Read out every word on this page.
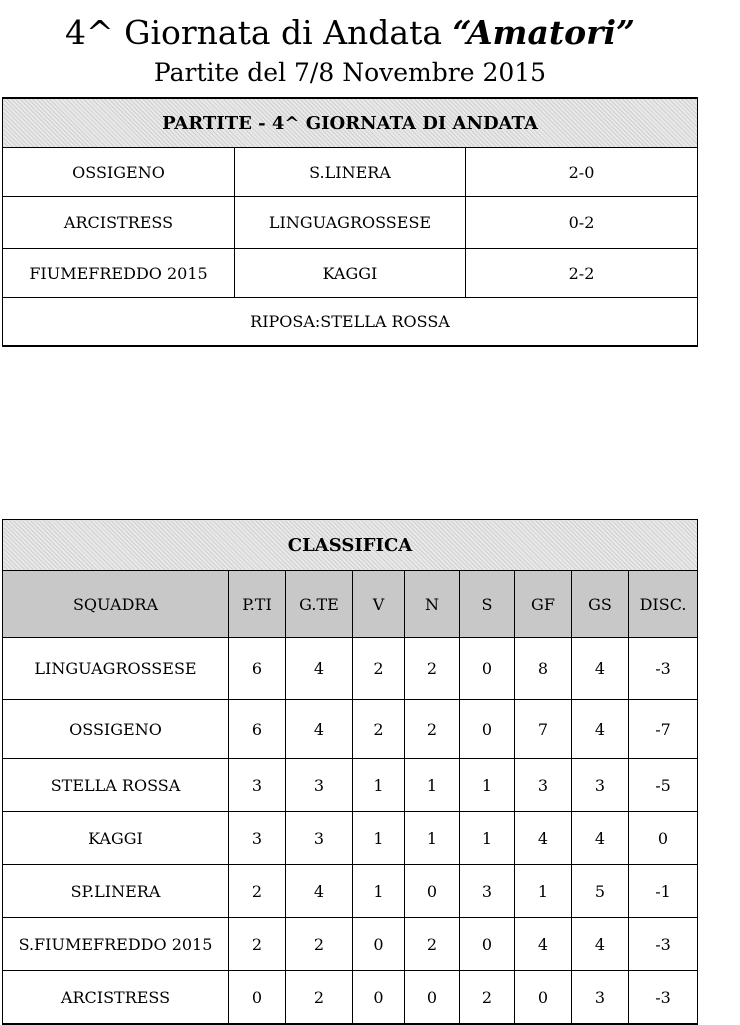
4^ Giornata di Andata “Amatori”
Partite del 7/8 Novembre 2015
PARTITE - 4^ GIORNATA DI ANDATA		
OSSIGENO	S.LINERA	2-0
ARCISTRESS	LINGUAGROSSESE	0-2
FIUMEFREDDO 2015	KAGGI	2-2
RIPOSA:STELLA ROSSA		
CLASSIFICA								
SQUADRA	P.TI	G.TE	V	N	S	GF	GS	DISC.
LINGUAGROSSESE	6	4	2	2	0	8	4	-3
OSSIGENO	6	4	2	2	0	7	4	-7
STELLA ROSSA	3	3	1	1	1	3	3	-5
KAGGI	3	3	1	1	1	4	4	0
SP.LINERA	2	4	1	0	3	1	5	-1
S.FIUMEFREDDO 2015	2	2	0	2	0	4	4	-3
ARCISTRESS	0	2	0	0	2	0	3	-3
